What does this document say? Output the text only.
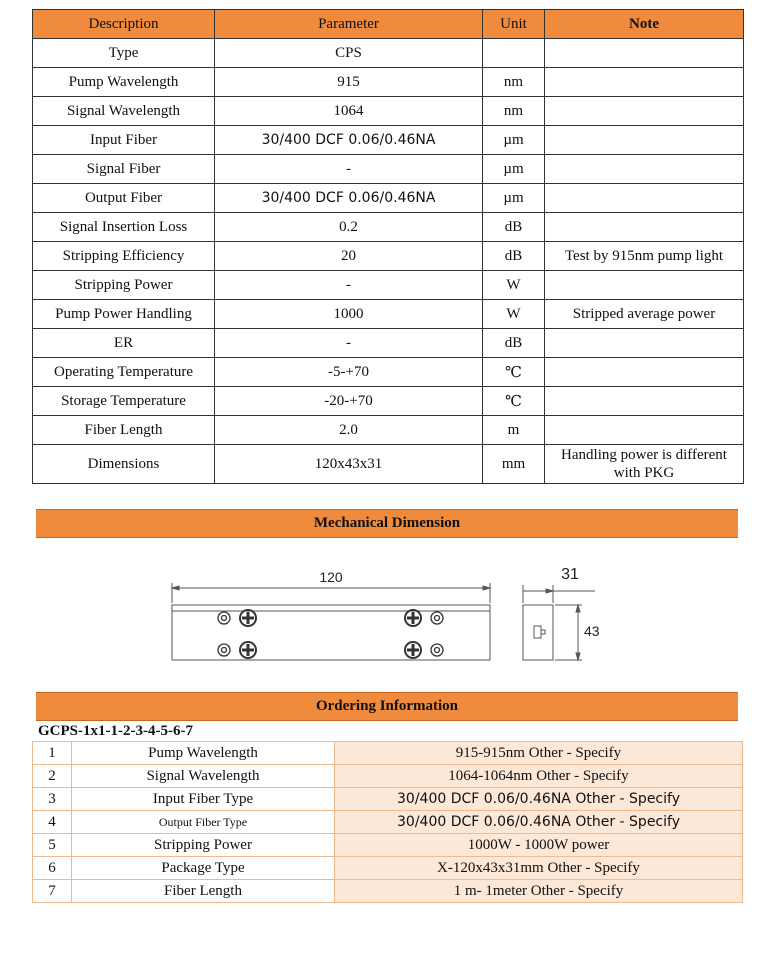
Description	Parameter	Unit	Note
Type	CPS		
Pump Wavelength	915	nm	
Signal Wavelength	1064	nm	
Input Fiber	30/400 DCF 0.06/0.46NA	µm	
Signal Fiber	-	µm	
Output Fiber	30/400 DCF 0.06/0.46NA	µm	
Signal Insertion Loss	0.2	dB	
Stripping Efficiency	20	dB	Test by 915nm pump light
Stripping Power	-	W	
Pump Power Handling	1000	W	Stripped average power
ER	-	dB	
Operating Temperature	-5-+70	℃	
Storage Temperature	-20-+70	℃	
Fiber Length	2.0	m	
Dimensions	120x43x31	mm	Handling power is different with PKG
Mechanical Dimension
120	31
43
Ordering Information
GCPS-1x1-1-2-3-4-5-6-7
1	Pump Wavelength	915-915nm Other - Specify
2	Signal Wavelength	1064-1064nm Other - Specify
3	Input Fiber Type	30/400 DCF 0.06/0.46NA Other - Specify
4	Output Fiber Type	30/400 DCF 0.06/0.46NA Other - Specify
5	Stripping Power	1000W - 1000W power
6	Package Type	X-120x43x31mm Other - Specify
7	Fiber Length	1 m- 1meter Other - Specify
